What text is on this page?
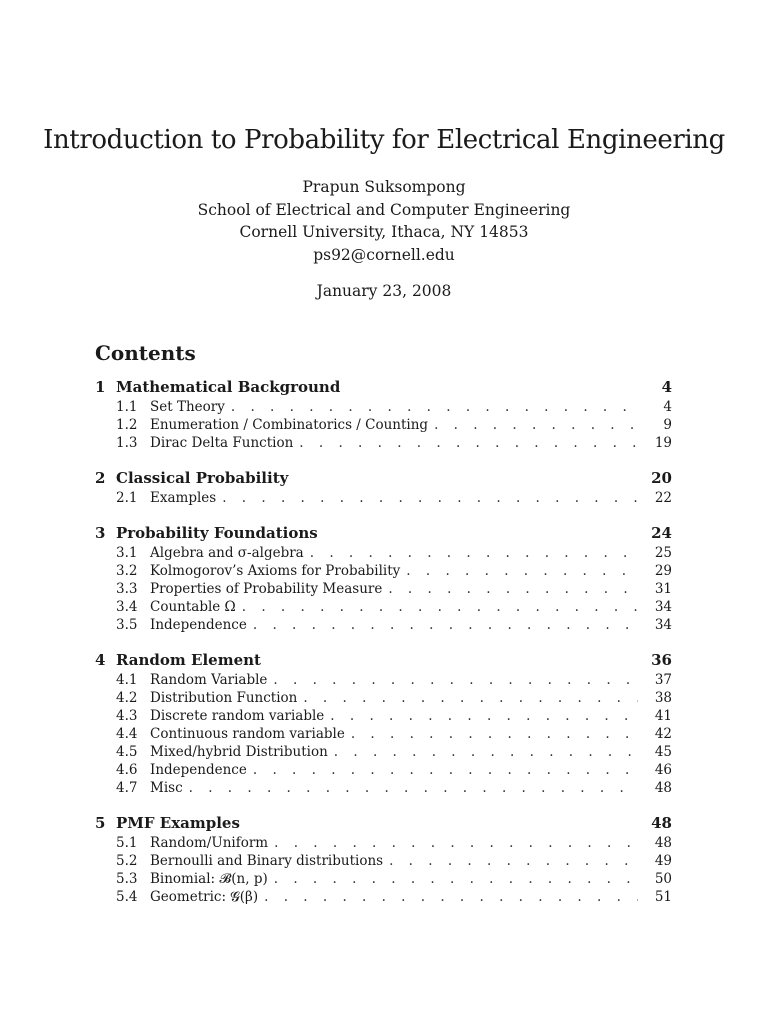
Introduction to Probability for Electrical Engineering
Prapun Suksompong
School of Electrical and Computer Engineering
Cornell University, Ithaca, NY 14853
ps92@cornell.edu
January 23, 2008
Contents
1 Mathematical Background	4
1.1 Set Theory . . .	4
1.2 Enumeration / Combinatorics / Counting . . .	9
1.3 Dirac Delta Function . . .	19
2 Classical Probability	20
2.1 Examples . . .	22
3 Probability Foundations	24
3.1 Algebra and σ-algebra . . .	25
3.2 Kolmogorov’s Axioms for Probability . . .	29
3.3 Properties of Probability Measure . . .	31
3.4 Countable Ω . . .	34
3.5 Independence . . .	34
4 Random Element	36
4.1 Random Variable . . .	37
4.2 Distribution Function . . .	38
4.3 Discrete random variable . . .	41
4.4 Continuous random variable . . .	42
4.5 Mixed/hybrid Distribution . . .	45
4.6 Independence . . .	46
4.7 Misc . . .	48
5 PMF Examples	48
5.1 Random/Uniform . . .	48
5.2 Bernoulli and Binary distributions . . .	49
5.3 Binomial: 𝓑(n, p) . . .	50
5.4 Geometric: 𝓖(β) . . .	51
